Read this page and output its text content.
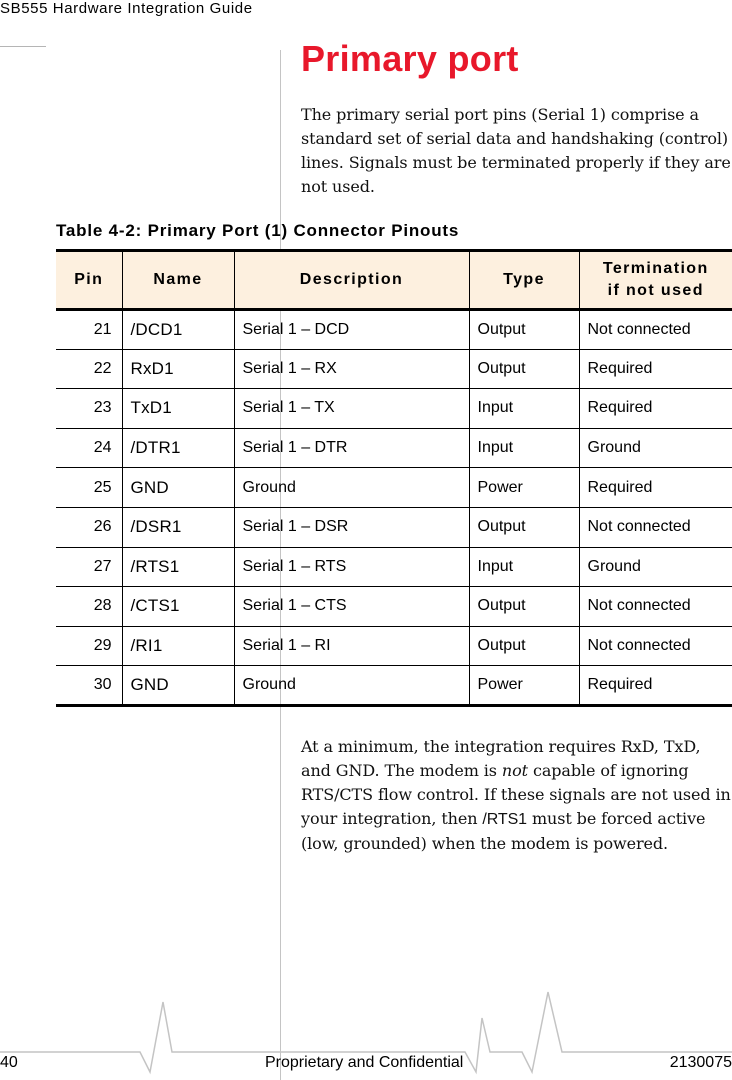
SB555 Hardware Integration Guide
Primary port
The primary serial port pins (Serial 1) comprise a standard set of serial data and handshaking (control) lines. Signals must be terminated properly if they are not used.
Table 4-2: Primary Port (1) Connector Pinouts
Pin	Name	Description	Type	Termination
if not used
21	/DCD1	Serial 1 – DCD	Output	Not connected
22	RxD1	Serial 1 – RX	Output	Required
23	TxD1	Serial 1 – TX	Input	Required
24	/DTR1	Serial 1 – DTR	Input	Ground
25	GND	Ground	Power	Required
26	/DSR1	Serial 1 – DSR	Output	Not connected
27	/RTS1	Serial 1 – RTS	Input	Ground
28	/CTS1	Serial 1 – CTS	Output	Not connected
29	/RI1	Serial 1 – RI	Output	Not connected
30	GND	Ground	Power	Required
At a minimum, the integration requires RxD, TxD, and GND. The modem is not capable of ignoring RTS/CTS flow control. If these signals are not used in your integration, then /RTS1 must be forced active (low, grounded) when the modem is powered.
40	Proprietary and Confidential	2130075
